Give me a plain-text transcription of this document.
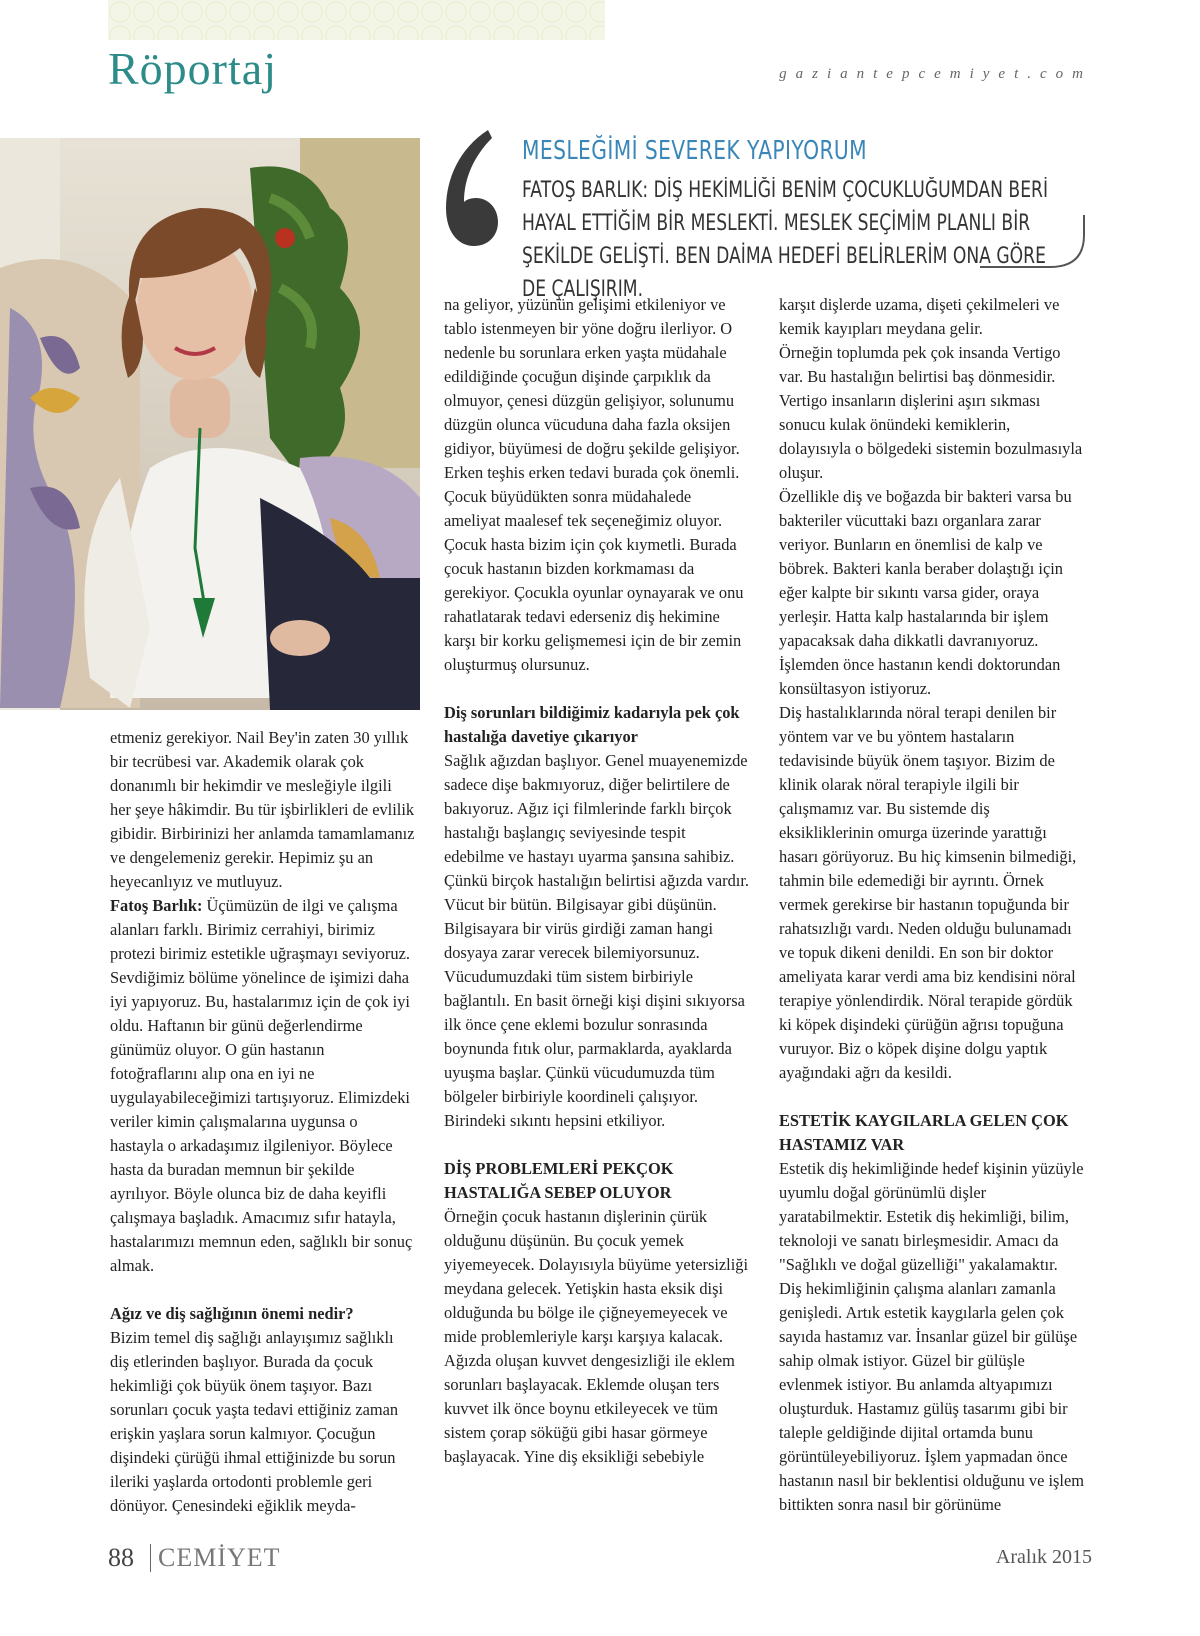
Röportaj	gaziantepcemiyet.com
MESLEĞİMİ SEVEREK YAPIYORUM
FATOŞ BARLIK: DİŞ HEKİMLİĞİ BENİM ÇOCUKLUĞUMDAN BERİ HAYAL ETTİĞİM BİR MESLEKTİ. MESLEK SEÇİMİM PLANLI BİR ŞEKİLDE GELİŞTİ. BEN DAİMA HEDEFİ BELİRLERİM ONA GÖRE DE ÇALIŞIRIM.

etmeniz gerekiyor. Nail Bey'in zaten 30 yıllık bir tecrübesi var. Akademik olarak çok donanımlı bir hekimdir ve mesleğiyle ilgili her şeye hâkimdir. Bu tür işbirlikleri de evlilik gibidir. Birbirinizi her anlamda tamamlamanız ve dengelemeniz gerekir. Hepimiz şu an heyecanlıyız ve mutluyuz.

Fatoş Barlık: Üçümüzün de ilgi ve çalışma alanları farklı. Birimiz cerrahiyi, birimiz protezi birimiz estetikle uğraşmayı seviyoruz. Sevdiğimiz bölüme yönelince de işimizi daha iyi yapıyoruz. Bu, hastalarımız için de çok iyi oldu. Haftanın bir günü değerlendirme günümüz oluyor. O gün hastanın fotoğraflarını alıp ona en iyi ne uygulayabileceğimizi tartışıyoruz. Elimizdeki veriler kimin çalışmalarına uygunsa o hastayla o arkadaşımız ilgileniyor. Böylece hasta da buradan memnun bir şekilde ayrılıyor. Böyle olunca biz de daha keyifli çalışmaya başladık. Amacımız sıfır hatayla, hastalarımızı memnun eden, sağlıklı bir sonuç almak.

Ağız ve diş sağlığının önemi nedir?

Bizim temel diş sağlığı anlayışımız sağlıklı diş etlerinden başlıyor. Burada da çocuk hekimliği çok büyük önem taşıyor. Bazı sorunları çocuk yaşta tedavi ettiğiniz zaman erişkin yaşlara sorun kalmıyor. Çocuğun dişindeki çürüğü ihmal ettiğinizde bu sorun ileriki yaşlarda ortodonti problemle geri dönüyor. Çenesindeki eğiklik meyda-

na geliyor, yüzünün gelişimi etkileniyor ve tablo istenmeyen bir yöne doğru ilerliyor. O nedenle bu sorunlara erken yaşta müdahale edildiğinde çocuğun dişinde çarpıklık da olmuyor, çenesi düzgün gelişiyor, solunumu düzgün olunca vücuduna daha fazla oksijen gidiyor, büyümesi de doğru şekilde gelişiyor. Erken teşhis erken tedavi burada çok önemli. Çocuk büyüdükten sonra müdahalede ameliyat maalesef tek seçeneğimiz oluyor.

Çocuk hasta bizim için çok kıymetli. Burada çocuk hastanın bizden korkmaması da gerekiyor. Çocukla oyunlar oynayarak ve onu rahatlatarak tedavi ederseniz diş hekimine karşı bir korku gelişmemesi için de bir zemin oluşturmuş olursunuz.

Diş sorunları bildiğimiz kadarıyla pek çok hastalığa davetiye çıkarıyor

Sağlık ağızdan başlıyor. Genel muayenemizde sadece dişe bakmıyoruz, diğer belirtilere de bakıyoruz. Ağız içi filmlerinde farklı birçok hastalığı başlangıç seviyesinde tespit edebilme ve hastayı uyarma şansına sahibiz. Çünkü birçok hastalığın belirtisi ağızda vardır. Vücut bir bütün. Bilgisayar gibi düşünün. Bilgisayara bir virüs girdiği zaman hangi dosyaya zarar verecek bilemiyorsunuz. Vücudumuzdaki tüm sistem birbiriyle bağlantılı. En basit örneği kişi dişini sıkıyorsa ilk önce çene eklemi bozulur sonrasında boynunda fıtık olur, parmaklarda, ayaklarda uyuşma başlar. Çünkü vücudumuzda tüm bölgeler birbiriyle koordineli çalışıyor. Birindeki sıkıntı hepsini etkiliyor.

DİŞ PROBLEMLERİ PEKÇOK HASTALIĞA SEBEP OLUYOR

Örneğin çocuk hastanın dişlerinin çürük olduğunu düşünün. Bu çocuk yemek yiyemeyecek. Dolayısıyla büyüme yetersizliği meydana gelecek. Yetişkin hasta eksik dişi olduğunda bu bölge ile çiğneyemeyecek ve mide problemleriyle karşı karşıya kalacak. Ağızda oluşan kuvvet dengesizliği ile eklem sorunları başlayacak. Eklemde oluşan ters kuvvet ilk önce boynu etkileyecek ve tüm sistem çorap söküğü gibi hasar görmeye başlayacak. Yine diş eksikliği sebebiyle

karşıt dişlerde uzama, dişeti çekilmeleri ve kemik kayıpları meydana gelir.

Örneğin toplumda pek çok insanda Vertigo var. Bu hastalığın belirtisi baş dönmesidir. Vertigo insanların dişlerini aşırı sıkması sonucu kulak önündeki kemiklerin, dolayısıyla o bölgedeki sistemin bozulmasıyla oluşur.

Özellikle diş ve boğazda bir bakteri varsa bu bakteriler vücuttaki bazı organlara zarar veriyor. Bunların en önemlisi de kalp ve böbrek. Bakteri kanla beraber dolaştığı için eğer kalpte bir sıkıntı varsa gider, oraya yerleşir. Hatta kalp hastalarında bir işlem yapacaksak daha dikkatli davranıyoruz. İşlemden önce hastanın kendi doktorundan konsültasyon istiyoruz.

Diş hastalıklarında nöral terapi denilen bir yöntem var ve bu yöntem hastaların tedavisinde büyük önem taşıyor. Bizim de klinik olarak nöral terapiyle ilgili bir çalışmamız var. Bu sistemde diş eksikliklerinin omurga üzerinde yarattığı hasarı görüyoruz. Bu hiç kimsenin bilmediği, tahmin bile edemediği bir ayrıntı. Örnek vermek gerekirse bir hastanın topuğunda bir rahatsızlığı vardı. Neden olduğu bulunamadı ve topuk dikeni denildi. En son bir doktor ameliyata karar verdi ama biz kendisini nöral terapiye yönlendirdik. Nöral terapide gördük ki köpek dişindeki çürüğün ağrısı topuğuna vuruyor. Biz o köpek dişine dolgu yaptık ayağındaki ağrı da kesildi.

ESTETİK KAYGILARLA GELEN ÇOK HASTAMIZ VAR

Estetik diş hekimliğinde hedef kişinin yüzüyle uyumlu doğal görünümlü dişler yaratabilmektir. Estetik diş hekimliği, bilim, teknoloji ve sanatı birleşmesidir. Amacı da "Sağlıklı ve doğal güzelliği" yakalamaktır. Diş hekimliğinin çalışma alanları zamanla genişledi. Artık estetik kaygılarla gelen çok sayıda hastamız var. İnsanlar güzel bir gülüşe sahip olmak istiyor. Güzel bir gülüşle evlenmek istiyor. Bu anlamda altyapımızı oluşturduk. Hastamız gülüş tasarımı gibi bir taleple geldiğinde dijital ortamda bunu görüntüleyebiliyoruz. İşlem yapmadan önce hastanın nasıl bir beklentisi olduğunu ve işlem bittikten sonra nasıl bir görünüme

88 CEMİYET	Aralık 2015
